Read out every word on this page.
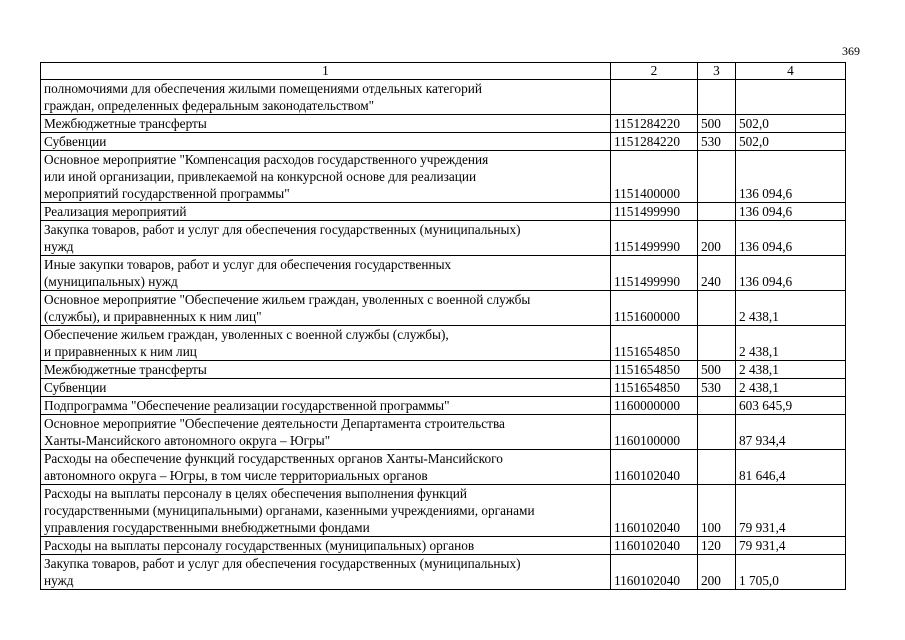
369
1	2	3	4
полномочиями для обеспечения жилыми помещениями отдельных категорий
граждан, определенных федеральным законодательством"			
Межбюджетные трансферты	1151284220	500	502,0
Субвенции	1151284220	530	502,0
Основное мероприятие "Компенсация расходов государственного учреждения
или иной организации, привлекаемой на конкурсной основе для реализации
мероприятий государственной программы"	1151400000		136 094,6
Реализация мероприятий	1151499990		136 094,6
Закупка товаров, работ и услуг для обеспечения государственных (муниципальных)
нужд	1151499990	200	136 094,6
Иные закупки товаров, работ и услуг для обеспечения государственных
(муниципальных) нужд	1151499990	240	136 094,6
Основное мероприятие "Обеспечение жильем граждан, уволенных с военной службы
(службы), и приравненных к ним лиц"	1151600000		2 438,1
Обеспечение жильем граждан, уволенных с военной службы (службы),
и приравненных к ним лиц	1151654850		2 438,1
Межбюджетные трансферты	1151654850	500	2 438,1
Субвенции	1151654850	530	2 438,1
Подпрограмма "Обеспечение реализации государственной программы"	1160000000		603 645,9
Основное мероприятие "Обеспечение деятельности Департамента строительства
Ханты-Мансийского автономного округа – Югры"	1160100000		87 934,4
Расходы на обеспечение функций государственных органов Ханты-Мансийского
автономного округа – Югры, в том числе территориальных органов	1160102040		81 646,4
Расходы на выплаты персоналу в целях обеспечения выполнения функций
государственными (муниципальными) органами, казенными учреждениями, органами
управления государственными внебюджетными фондами	1160102040	100	79 931,4
Расходы на выплаты персоналу государственных (муниципальных) органов	1160102040	120	79 931,4
Закупка товаров, работ и услуг для обеспечения государственных (муниципальных)
нужд	1160102040	200	1 705,0
